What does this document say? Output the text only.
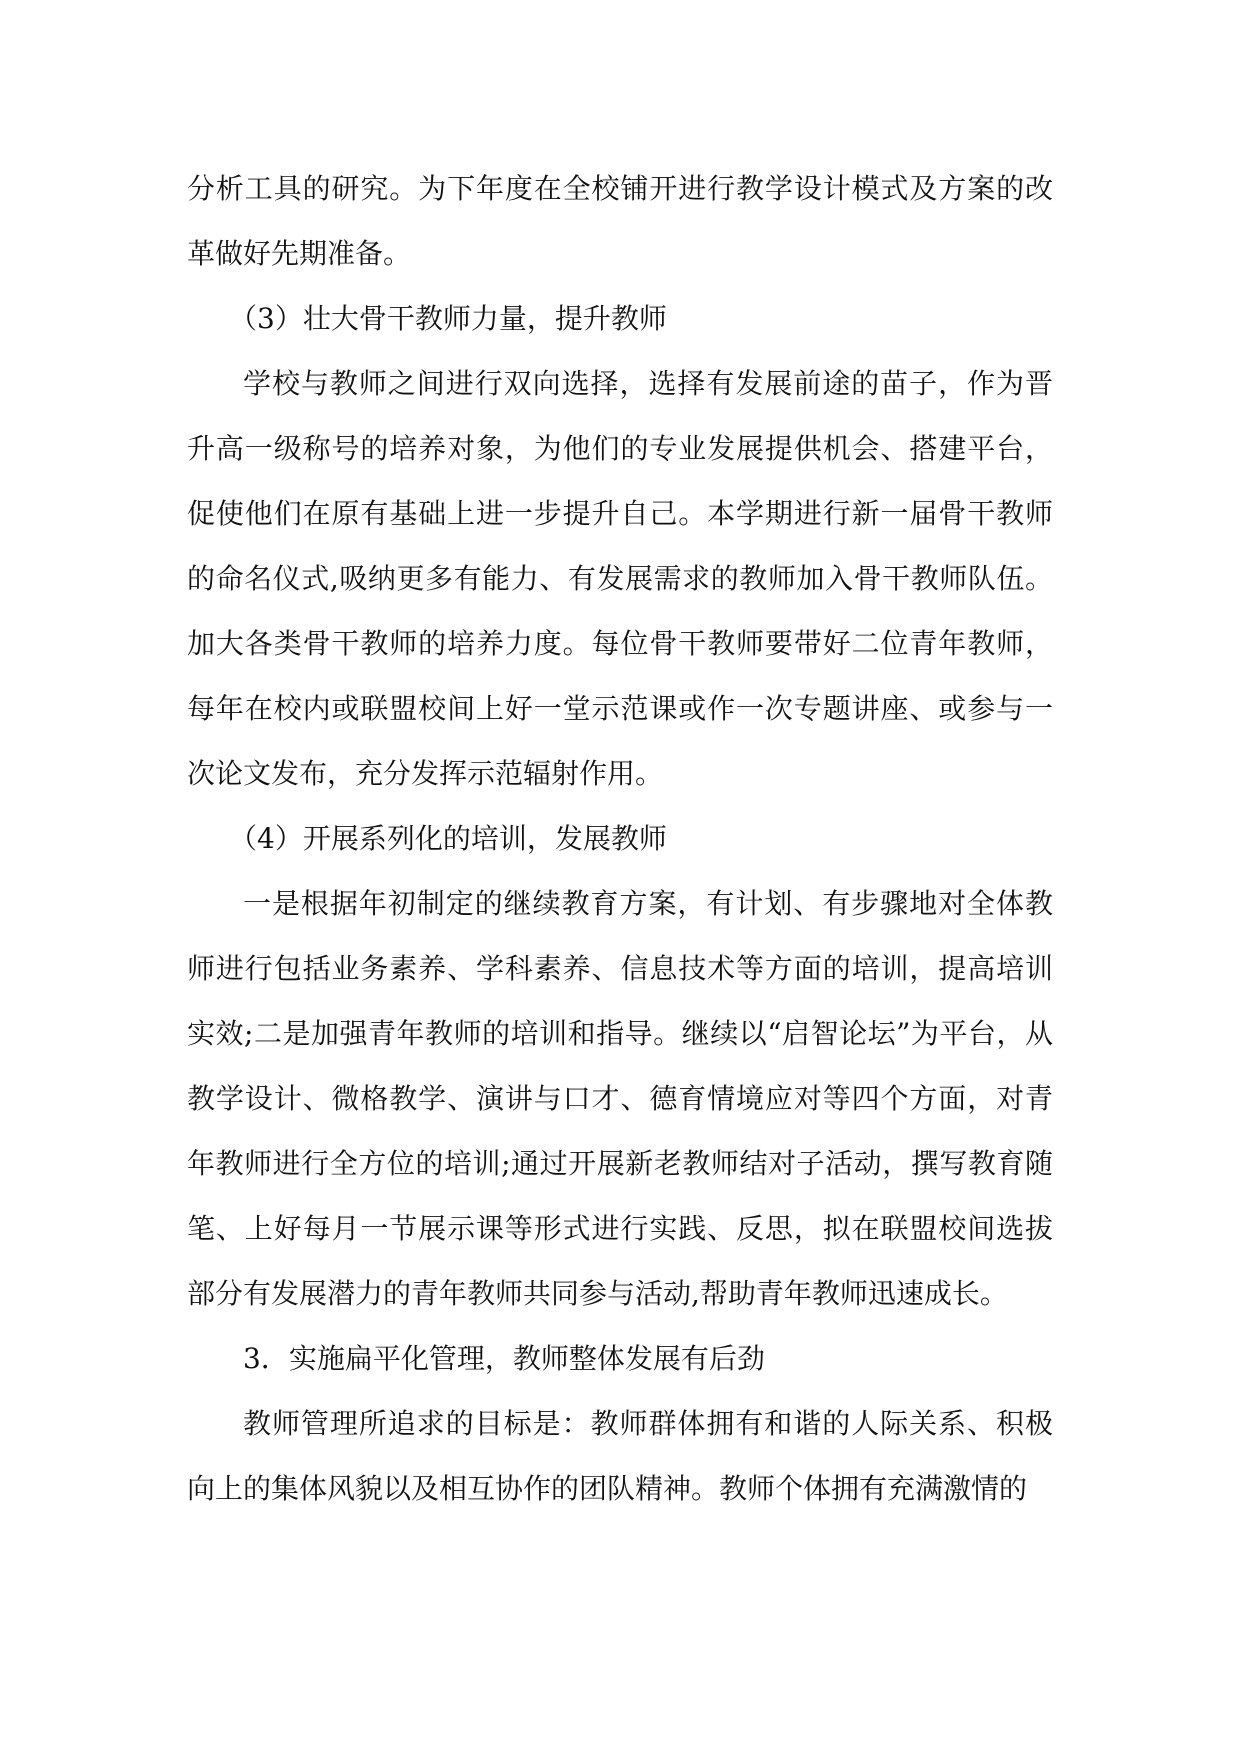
分析工具的研究。为下年度在全校铺开进行教学设计模式及方案的改革做好先期准备。

（3）壮大骨干教师力量，提升教师

学校与教师之间进行双向选择，选择有发展前途的苗子，作为晋升高一级称号的培养对象，为他们的专业发展提供机会、搭建平台，促使他们在原有基础上进一步提升自己。本学期进行新一届骨干教师的命名仪式,吸纳更多有能力、有发展需求的教师加入骨干教师队伍。加大各类骨干教师的培养力度。每位骨干教师要带好二位青年教师，每年在校内或联盟校间上好一堂示范课或作一次专题讲座、或参与一次论文发布，充分发挥示范辐射作用。

（4）开展系列化的培训，发展教师

一是根据年初制定的继续教育方案，有计划、有步骤地对全体教师进行包括业务素养、学科素养、信息技术等方面的培训，提高培训实效;二是加强青年教师的培训和指导。继续以“启智论坛”为平台，从教学设计、微格教学、演讲与口才、德育情境应对等四个方面，对青年教师进行全方位的培训;通过开展新老教师结对子活动，撰写教育随笔、上好每月一节展示课等形式进行实践、反思，拟在联盟校间选拔部分有发展潜力的青年教师共同参与活动,帮助青年教师迅速成长。

3．实施扁平化管理，教师整体发展有后劲

教师管理所追求的目标是：教师群体拥有和谐的人际关系、积极向上的集体风貌以及相互协作的团队精神。教师个体拥有充满激情的
